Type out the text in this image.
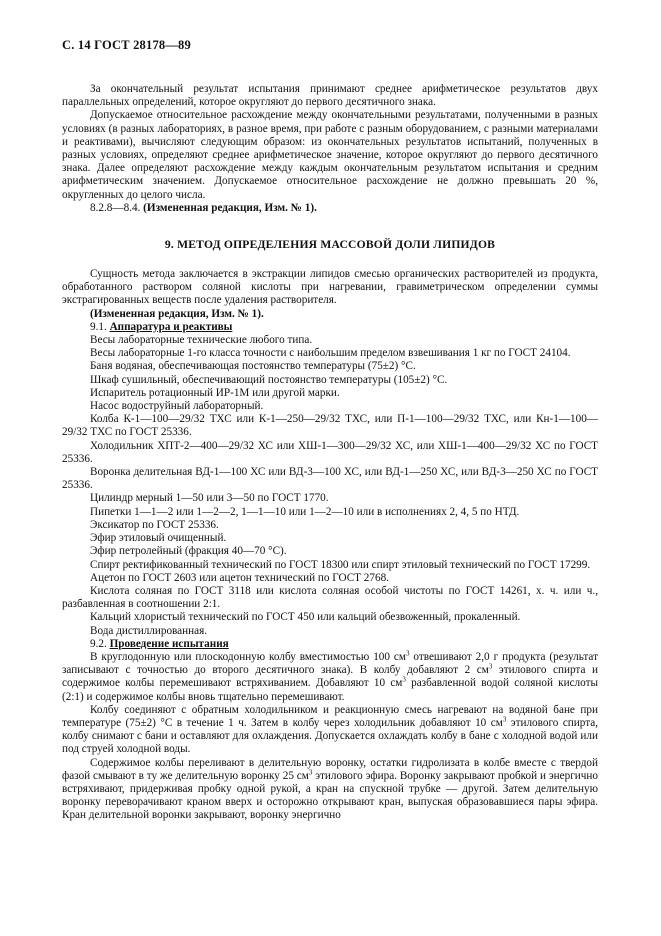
С. 14 ГОСТ 28178—89

За окончательный результат испытания принимают среднее арифметическое результатов двух параллельных определений, которое округляют до первого десятичного знака.

Допускаемое относительное расхождение между окончательными результатами, полученными в разных условиях (в разных лабораториях, в разное время, при работе с разным оборудованием, с разными материалами и реактивами), вычисляют следующим образом: из окончательных результатов испытаний, полученных в разных условиях, определяют среднее арифметическое значение, которое округляют до первого десятичного знака. Далее определяют расхождение между каждым окончательным результатом испытания и средним арифметическим значением. Допускаемое относительное расхождение не должно превышать 20 %, округленных до целого числа.

8.2.8—8.4. (Измененная редакция, Изм. № 1).

9. МЕТОД ОПРЕДЕЛЕНИЯ МАССОВОЙ ДОЛИ ЛИПИДОВ

Сущность метода заключается в экстракции липидов смесью органических растворителей из продукта, обработанного раствором соляной кислоты при нагревании, гравиметрическом определении суммы экстрагированных веществ после удаления растворителя.

(Измененная редакция, Изм. № 1).

9.1. Аппаратура и реактивы

Весы лабораторные технические любого типа.

Весы лабораторные 1-го класса точности с наибольшим пределом взвешивания 1 кг по ГОСТ 24104.

Баня водяная, обеспечивающая постоянство температуры (75±2) °С.

Шкаф сушильный, обеспечивающий постоянство температуры (105±2) °С.

Испаритель ротационный ИР-1М или другой марки.

Насос водоструйный лабораторный.

Колба К-1—100—29/32 ТХС или К-1—250—29/32 ТХС, или П-1—100—29/32 ТХС, или Кн-1—100—29/32 ТХС по ГОСТ 25336.

Холодильник ХПТ-2—400—29/32 ХС или ХШ-1—300—29/32 ХС, или ХШ-1—400—29/32 ХС по ГОСТ 25336.

Воронка делительная ВД-1—100 ХС или ВД-3—100 ХС, или ВД-1—250 ХС, или ВД-3—250 ХС по ГОСТ 25336.

Цилиндр мерный 1—50 или 3—50 по ГОСТ 1770.

Пипетки 1—1—2 или 1—2—2, 1—1—10 или 1—2—10 или в исполнениях 2, 4, 5 по НТД.

Эксикатор по ГОСТ 25336.

Эфир этиловый очищенный.

Эфир петролейный (фракция 40—70 °С).

Спирт ректификованный технический по ГОСТ 18300 или спирт этиловый технический по ГОСТ 17299.

Ацетон по ГОСТ 2603 или ацетон технический по ГОСТ 2768.

Кислота соляная по ГОСТ 3118 или кислота соляная особой чистоты по ГОСТ 14261, х. ч. или ч., разбавленная в соотношении 2:1.

Кальций хлористый технический по ГОСТ 450 или кальций обезвоженный, прокаленный.

Вода дистиллированная.

9.2. Проведение испытания

В круглодонную или плоскодонную колбу вместимостью 100 $см^3$ отвешивают 2,0 г продукта (результат записывают с точностью до второго десятичного знака). В колбу добавляют 2 $см^3$ этилового спирта и содержимое колбы перемешивают встряхиванием. Добавляют 10 $см^3$ разбавленной водой соляной кислоты (2:1) и содержимое колбы вновь тщательно перемешивают.

Колбу соединяют с обратным холодильником и реакционную смесь нагревают на водяной бане при температуре (75±2) °С в течение 1 ч. Затем в колбу через холодильник добавляют 10 $см^3$ этилового спирта, колбу снимают с бани и оставляют для охлаждения. Допускается охлаждать колбу в бане с холодной водой или под струей холодной воды.

Содержимое колбы переливают в делительную воронку, остатки гидролизата в колбе вместе с твердой фазой смывают в ту же делительную воронку 25 $см^3$ этилового эфира. Воронку закрывают пробкой и энергично встряхивают, придерживая пробку одной рукой, а кран на спускной трубке — другой. Затем делительную воронку переворачивают краном вверх и осторожно открывают кран, выпуская образовавшиеся пары эфира. Кран делительной воронки закрывают, воронку энергично
